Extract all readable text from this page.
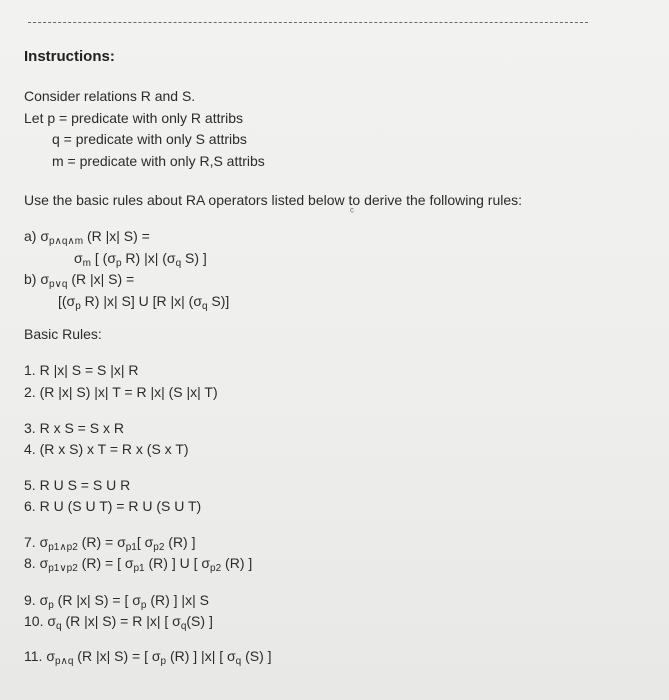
Instructions:
Consider relations R and S.
Let p = predicate with only R attribs
q = predicate with only S attribs
m = predicate with only R,S attribs
Use the basic rules about RA operators listed below to derive the following rules:
ᶜ
a) $\sigma_{p\wedge q\wedge m}$ (R |x| S) =
$\sigma_m$ [ ($\sigma_p$ R) |x| ($\sigma_q$ S) ]
b) $\sigma_{p\vee q}$ (R |x| S) =
[($\sigma_p$ R) |x| S] U [R |x| ($\sigma_q$ S)]
Basic Rules:
1. R |x| S = S |x| R
2. (R |x| S) |x| T = R |x| (S |x| T)
3. R x S = S x R
4. (R x S) x T = R x (S x T)
5. R U S = S U R
6. R U (S U T) = R U (S U T)
7. $\sigma_{p1\wedge p2}$ $(R) = \sigma_{p1}$[ $\sigma_{p2}$ (R) ]
8. $\sigma_{p1\vee p2}$ (R) = [ $\sigma_{p1}$ (R) ] U [ $\sigma_{p2}$ (R) ]
9. $\sigma_p$ (R |x| S) = [ $\sigma_p$ (R) ] |x| S
10. $\sigma_q$ (R |x| S) = R |x| [ $\sigma_q(S)$ ]
11. $\sigma_{p\wedge q}$ (R |x| S) = [ $\sigma_p$ (R) ] |x| [ $\sigma_q$ (S) ]
